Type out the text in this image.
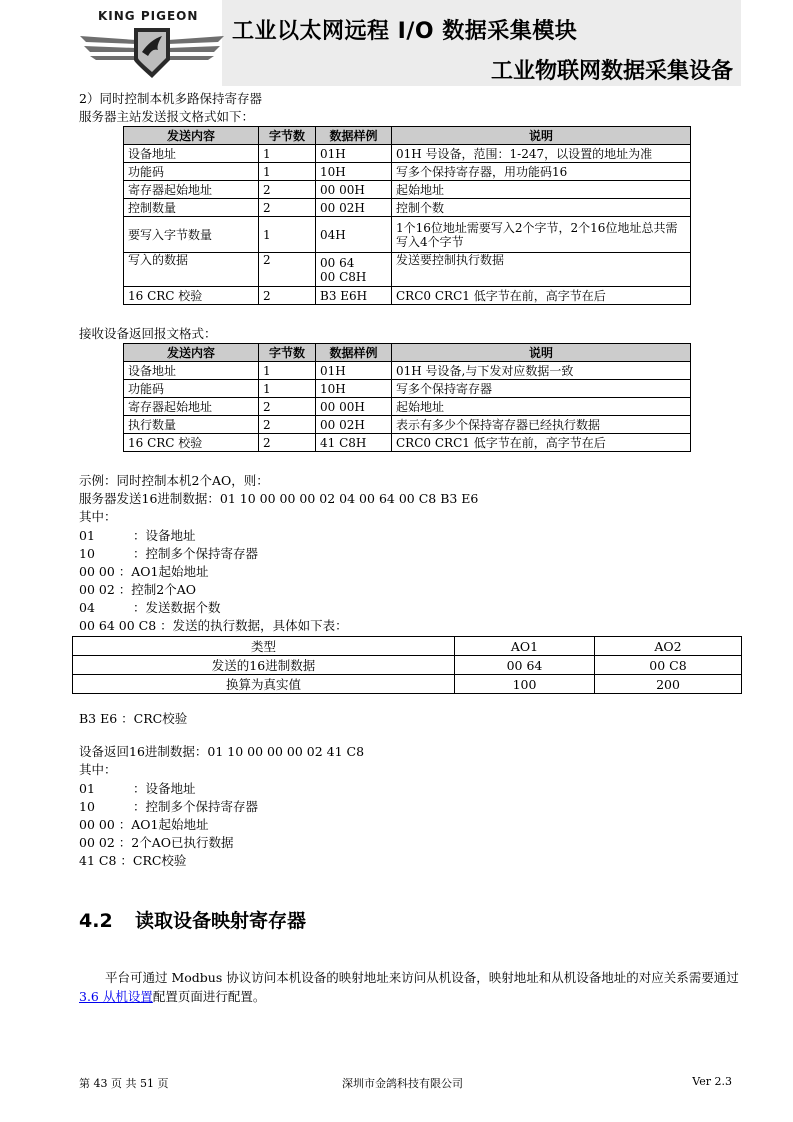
KING PIGEON
工业以太网远程 I/O 数据采集模块
工业物联网数据采集设备
2）同时控制本机多路保持寄存器
服务器主站发送报文格式如下：
发送内容	字节数	数据样例	说明
设备地址	1	01H	01H 号设备，范围：1-247，以设置的地址为准
功能码	1	10H	写多个保持寄存器，用功能码16
寄存器起始地址	2	00 00H	起始地址
控制数量	2	00 02H	控制个数
要写入字节数量	1	04H	1个16位地址需要写入2个字节，2个16位地址总共需写入4个字节
写入的数据	2	00 64 00 C8H	发送要控制执行数据
16 CRC 校验	2	B3 E6H	CRC0 CRC1 低字节在前，高字节在后
接收设备返回报文格式：
发送内容	字节数	数据样例	说明
设备地址	1	01H	01H 号设备,与下发对应数据一致
功能码	1	10H	写多个保持寄存器
寄存器起始地址	2	00 00H	起始地址
执行数量	2	00 02H	表示有多少个保持寄存器已经执行数据
16 CRC 校验	2	41 C8H	CRC0 CRC1 低字节在前，高字节在后
示例：同时控制本机2个AO，则：
服务器发送16进制数据：01 10 00 00 00 02 04 00 64 00 C8 B3 E6
其中：
01	：设备地址
10	：控制多个保持寄存器
00 00 ：AO1起始地址
00 02 ：控制2个AO
04	：发送数据个数
00 64 00 C8 ：发送的执行数据，具体如下表：
类型	AO1	AO2
发送的16进制数据	00 64	00 C8
换算为真实值	100	200
B3 E6 ：CRC校验
设备返回16进制数据：01 10 00 00 00 02 41 C8
其中：
01	：设备地址
10	：控制多个保持寄存器
00 00 ：AO1起始地址
00 02 ：2个AO已执行数据
41 C8 ：CRC校验
4.2 读取设备映射寄存器
平台可通过 Modbus 协议访问本机设备的映射地址来访问从机设备，映射地址和从机设备地址的对应关系需要通过 3.6 从机设置配置页面进行配置。
第 43 页 共 51 页	深圳市金鸽科技有限公司	Ver 2.3
